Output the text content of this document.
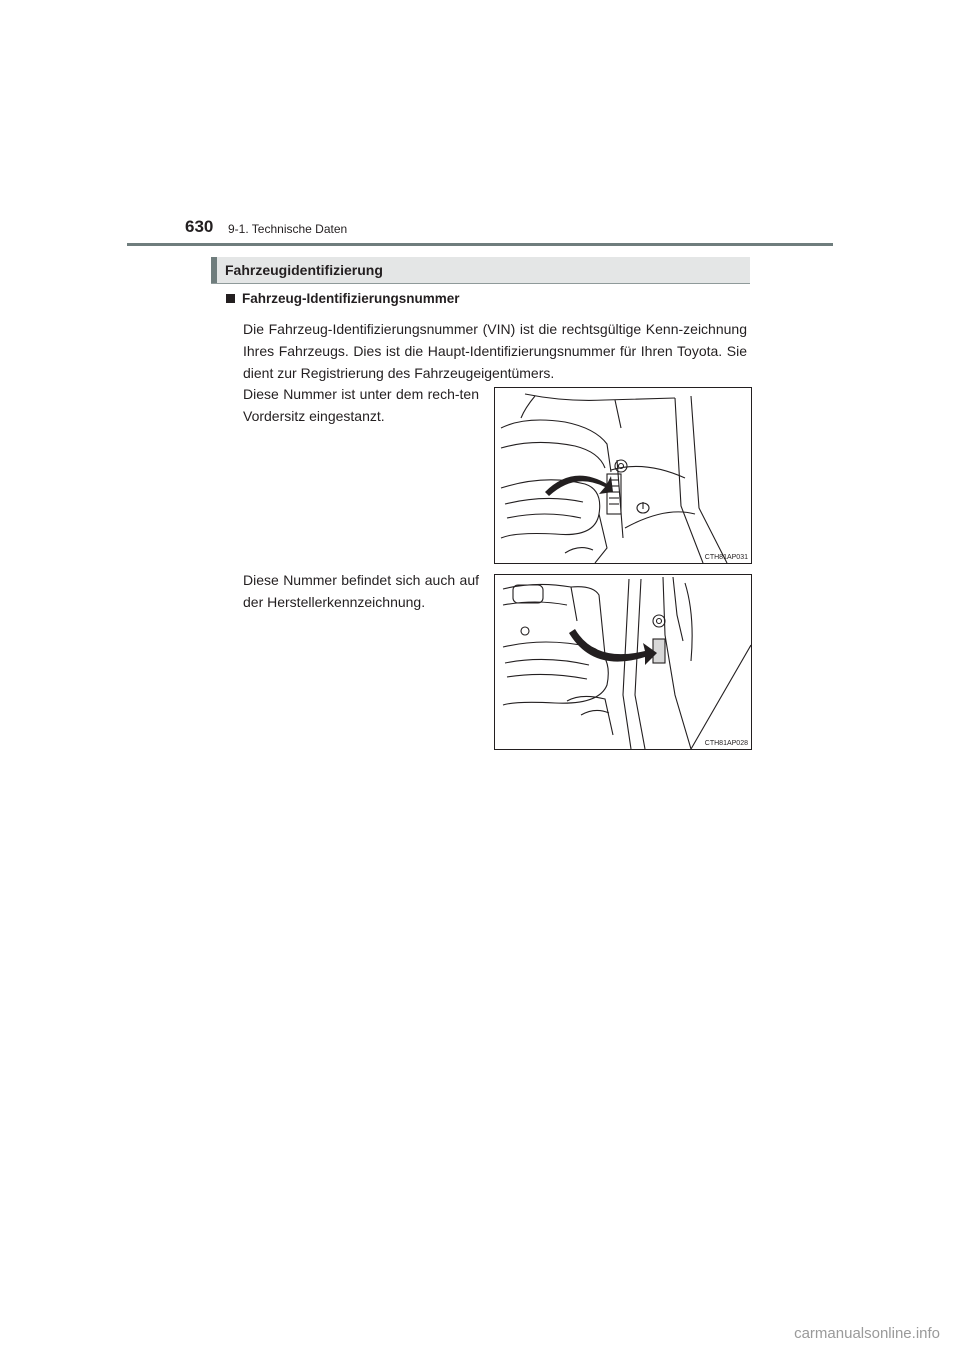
630 9-1. Technische Daten
Fahrzeugidentifizierung
Fahrzeug-Identifizierungsnummer
Die Fahrzeug-Identifizierungsnummer (VIN) ist die rechtsgültige Kenn-zeichnung Ihres Fahrzeugs. Dies ist die Haupt-Identifizierungsnummer für Ihren Toyota. Sie dient zur Registrierung des Fahrzeugeigentümers.
Diese Nummer ist unter dem rech-ten Vordersitz eingestanzt.
Diese Nummer befindet sich auch auf der Herstellerkennzeichnung.
CTH81AP031
CTH81AP028
carmanualsonline.info
